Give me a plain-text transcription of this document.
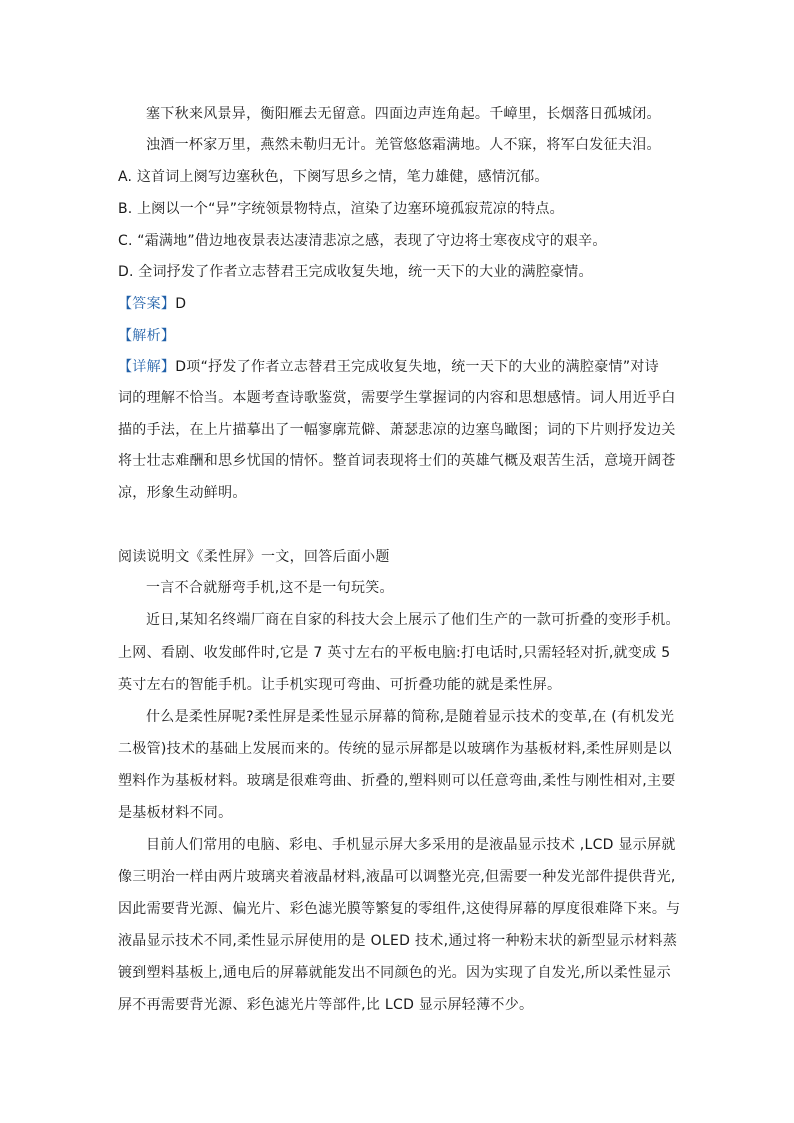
塞下秋来风景异，衡阳雁去无留意。四面边声连角起。千嶂里，长烟落日孤城闭。
浊酒一杯家万里，燕然未勒归无计。羌管悠悠霜满地。人不寐，将军白发征夫泪。
A. 这首词上阕写边塞秋色，下阕写思乡之情，笔力雄健，感情沉郁。
B. 上阕以一个“异”字统领景物特点，渲染了边塞环境孤寂荒凉的特点。
C. “霜满地”借边地夜景表达凄清悲凉之感，表现了守边将士寒夜戍守的艰辛。
D. 全词抒发了作者立志替君王完成收复失地，统一天下的大业的满腔豪情。
【答案】D
【解析】
【详解】D项“抒发了作者立志替君王完成收复失地，统一天下的大业的满腔豪情”对诗
词的理解不恰当。本题考查诗歌鉴赏，需要学生掌握词的内容和思想感情。词人用近乎白
描的手法，在上片描摹出了一幅寥廓荒僻、萧瑟悲凉的边塞鸟瞰图；词的下片则抒发边关
将士壮志难酬和思乡忧国的情怀。整首词表现将士们的英雄气概及艰苦生活，意境开阔苍
凉，形象生动鲜明。
阅读说明文《柔性屏》一文，回答后面小题
一言不合就掰弯手机,这不是一句玩笑。
近日,某知名终端厂商在自家的科技大会上展示了他们生产的一款可折叠的变形手机。
上网、看剧、收发邮件时,它是 7 英寸左右的平板电脑:打电话时,只需轻轻对折,就变成 5
英寸左右的智能手机。让手机实现可弯曲、可折叠功能的就是柔性屏。
什么是柔性屏呢?柔性屏是柔性显示屏幕的简称,是随着显示技术的变革,在 (有机发光
二极管)技术的基础上发展而来的。传统的显示屏都是以玻璃作为基板材料,柔性屏则是以
塑料作为基板材料。玻璃是很难弯曲、折叠的,塑料则可以任意弯曲,柔性与刚性相对,主要
是基板材料不同。
目前人们常用的电脑、彩电、手机显示屏大多采用的是液晶显示技术 ,LCD 显示屏就
像三明治一样由两片玻璃夹着液晶材料,液晶可以调整光亮,但需要一种发光部件提供背光,
因此需要背光源、偏光片、彩色滤光膜等繁复的零组件,这使得屏幕的厚度很难降下来。与
液晶显示技术不同,柔性显示屏使用的是 OLED 技术,通过将一种粉末状的新型显示材料蒸
镀到塑料基板上,通电后的屏幕就能发出不同颜色的光。因为实现了自发光,所以柔性显示
屏不再需要背光源、彩色滤光片等部件,比 LCD 显示屏轻薄不少。
